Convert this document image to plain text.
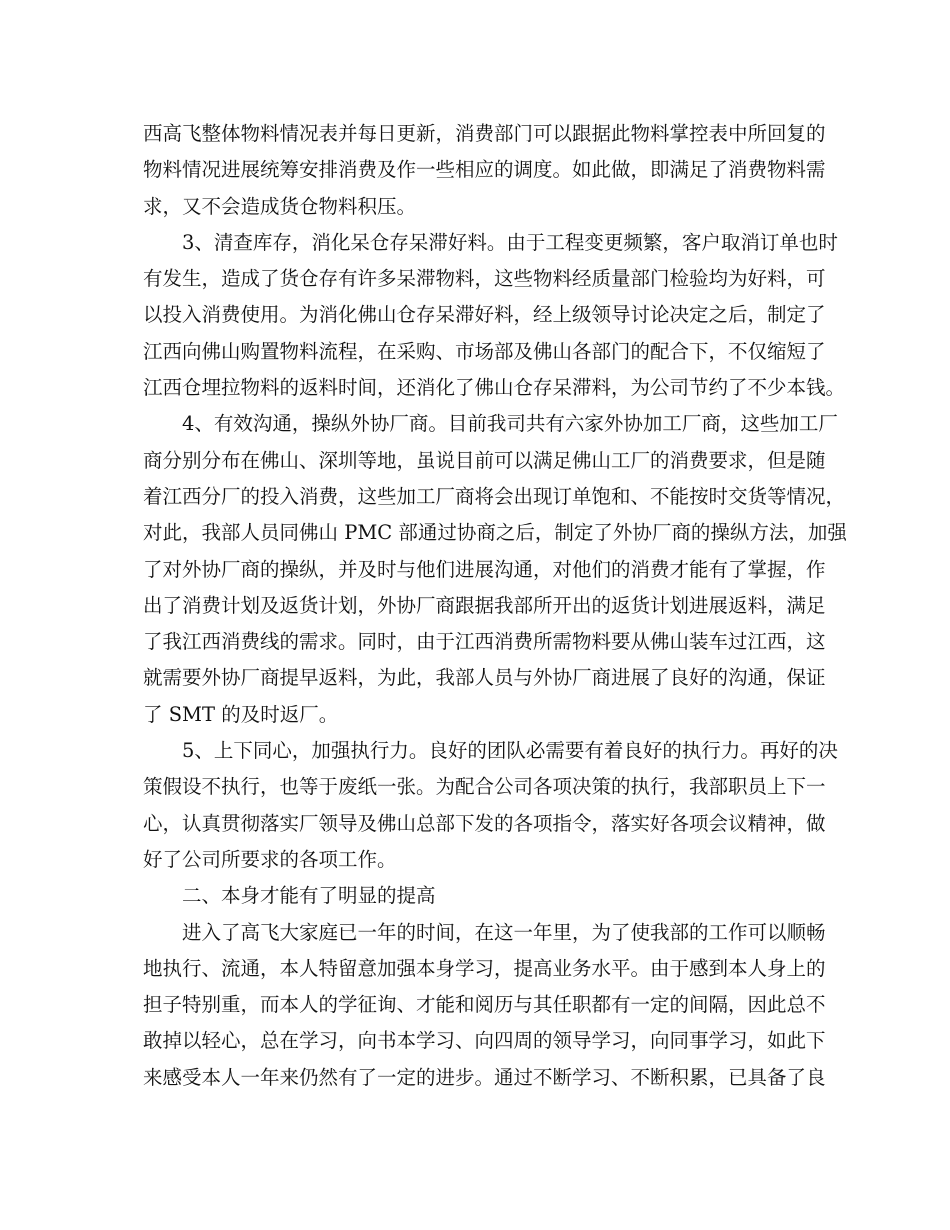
西高飞整体物料情况表并每日更新，消费部门可以跟据此物料掌控表中所回复的
物料情况进展统筹安排消费及作一些相应的调度。如此做，即满足了消费物料需
求，又不会造成货仓物料积压。
3、清查库存，消化呆仓存呆滞好料。由于工程变更频繁，客户取消订单也时
有发生，造成了货仓存有许多呆滞物料，这些物料经质量部门检验均为好料，可
以投入消费使用。为消化佛山仓存呆滞好料，经上级领导讨论决定之后，制定了
江西向佛山购置物料流程，在采购、市场部及佛山各部门的配合下，不仅缩短了
江西仓埋拉物料的返料时间，还消化了佛山仓存呆滞料，为公司节约了不少本钱。
4、有效沟通，操纵外协厂商。目前我司共有六家外协加工厂商，这些加工厂
商分别分布在佛山、深圳等地，虽说目前可以满足佛山工厂的消费要求，但是随
着江西分厂的投入消费，这些加工厂商将会出现订单饱和、不能按时交货等情况，
对此，我部人员同佛山 PMC 部通过协商之后，制定了外协厂商的操纵方法，加强
了对外协厂商的操纵，并及时与他们进展沟通，对他们的消费才能有了掌握，作
出了消费计划及返货计划，外协厂商跟据我部所开出的返货计划进展返料，满足
了我江西消费线的需求。同时，由于江西消费所需物料要从佛山装车过江西，这
就需要外协厂商提早返料，为此，我部人员与外协厂商进展了良好的沟通，保证
了 SMT 的及时返厂。
5、上下同心，加强执行力。良好的团队必需要有着良好的执行力。再好的决
策假设不执行，也等于废纸一张。为配合公司各项决策的执行，我部职员上下一
心，认真贯彻落实厂领导及佛山总部下发的各项指令，落实好各项会议精神，做
好了公司所要求的各项工作。
二、本身才能有了明显的提高
进入了高飞大家庭已一年的时间，在这一年里，为了使我部的工作可以顺畅
地执行、流通，本人特留意加强本身学习，提高业务水平。由于感到本人身上的
担子特别重，而本人的学征询、才能和阅历与其任职都有一定的间隔，因此总不
敢掉以轻心，总在学习，向书本学习、向四周的领导学习，向同事学习，如此下
来感受本人一年来仍然有了一定的进步。通过不断学习、不断积累，已具备了良
